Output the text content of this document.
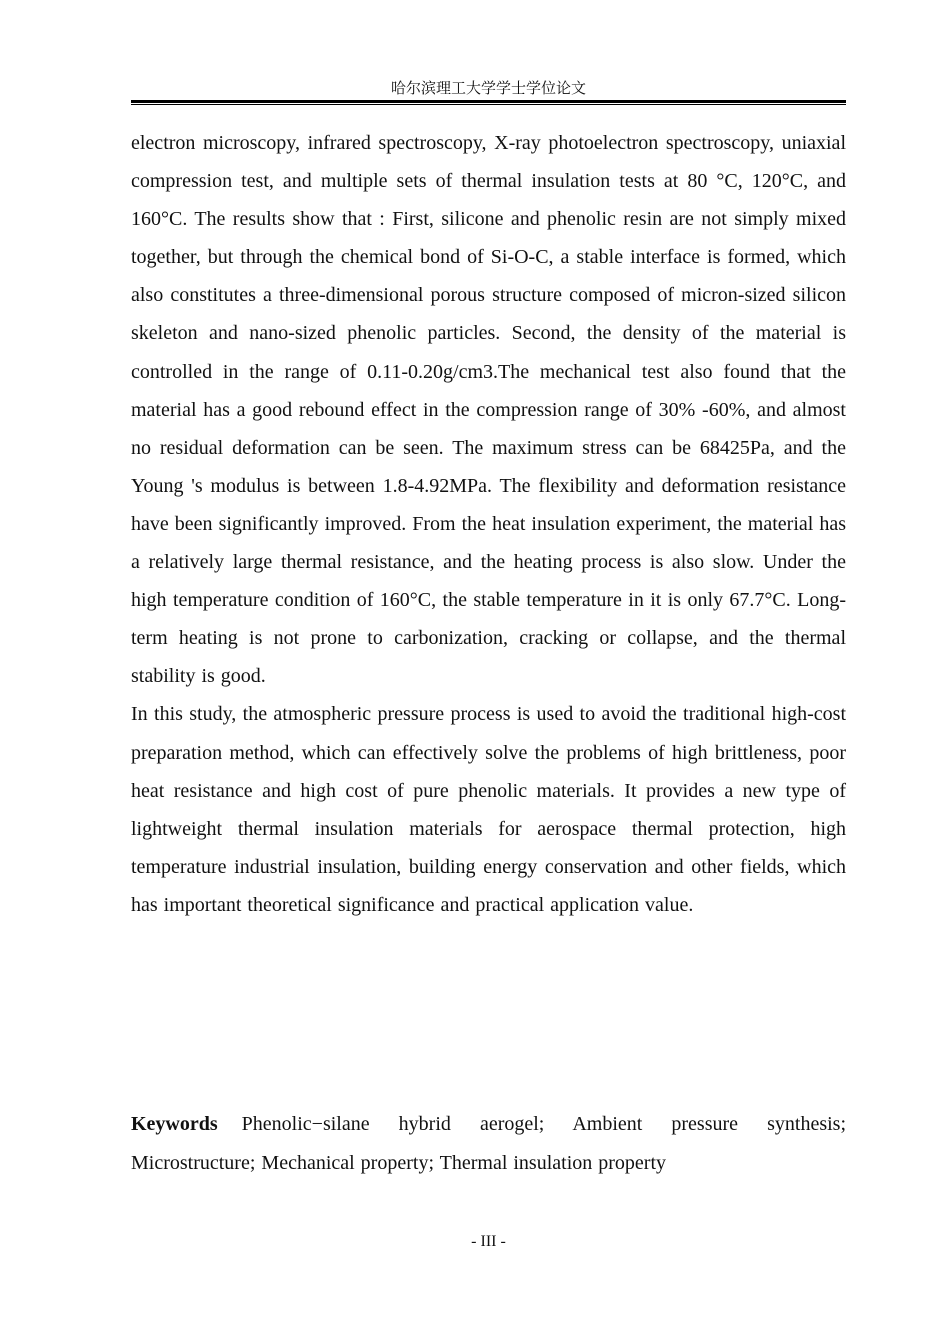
哈尔滨理工大学学士学位论文

electron microscopy, infrared spectroscopy, X-ray photoelectron spectroscopy, uniaxial compression test, and multiple sets of thermal insulation tests at 80 °C, 120°C, and 160°C. The results show that : First, silicone and phenolic resin are not simply mixed together, but through the chemical bond of Si-O-C, a stable interface is formed, which also constitutes a three-dimensional porous structure composed of micron-sized silicon skeleton and nano-sized phenolic particles. Second, the density of the material is controlled in the range of 0.11-0.20g/cm3.The mechanical test also found that the material has a good rebound effect in the compression range of 30% -60%, and almost no residual deformation can be seen. The maximum stress can be 68425Pa, and the Young 's modulus is between 1.8-4.92MPa. The flexibility and deformation resistance have been significantly improved. From the heat insulation experiment, the material has a relatively large thermal resistance, and the heating process is also slow. Under the high temperature condition of 160°C, the stable temperature in it is only 67.7°C. Long-term heating is not prone to carbonization, cracking or collapse, and the thermal stability is good.

In this study, the atmospheric pressure process is used to avoid the traditional high-cost preparation method, which can effectively solve the problems of high brittleness, poor heat resistance and high cost of pure phenolic materials. It provides a new type of lightweight thermal insulation materials for aerospace thermal protection, high temperature industrial insulation, building energy conservation and other fields, which has important theoretical significance and practical application value.

Keywords Phenolic−silane hybrid aerogel; Ambient pressure synthesis; Microstructure; Mechanical property; Thermal insulation property
- III -
